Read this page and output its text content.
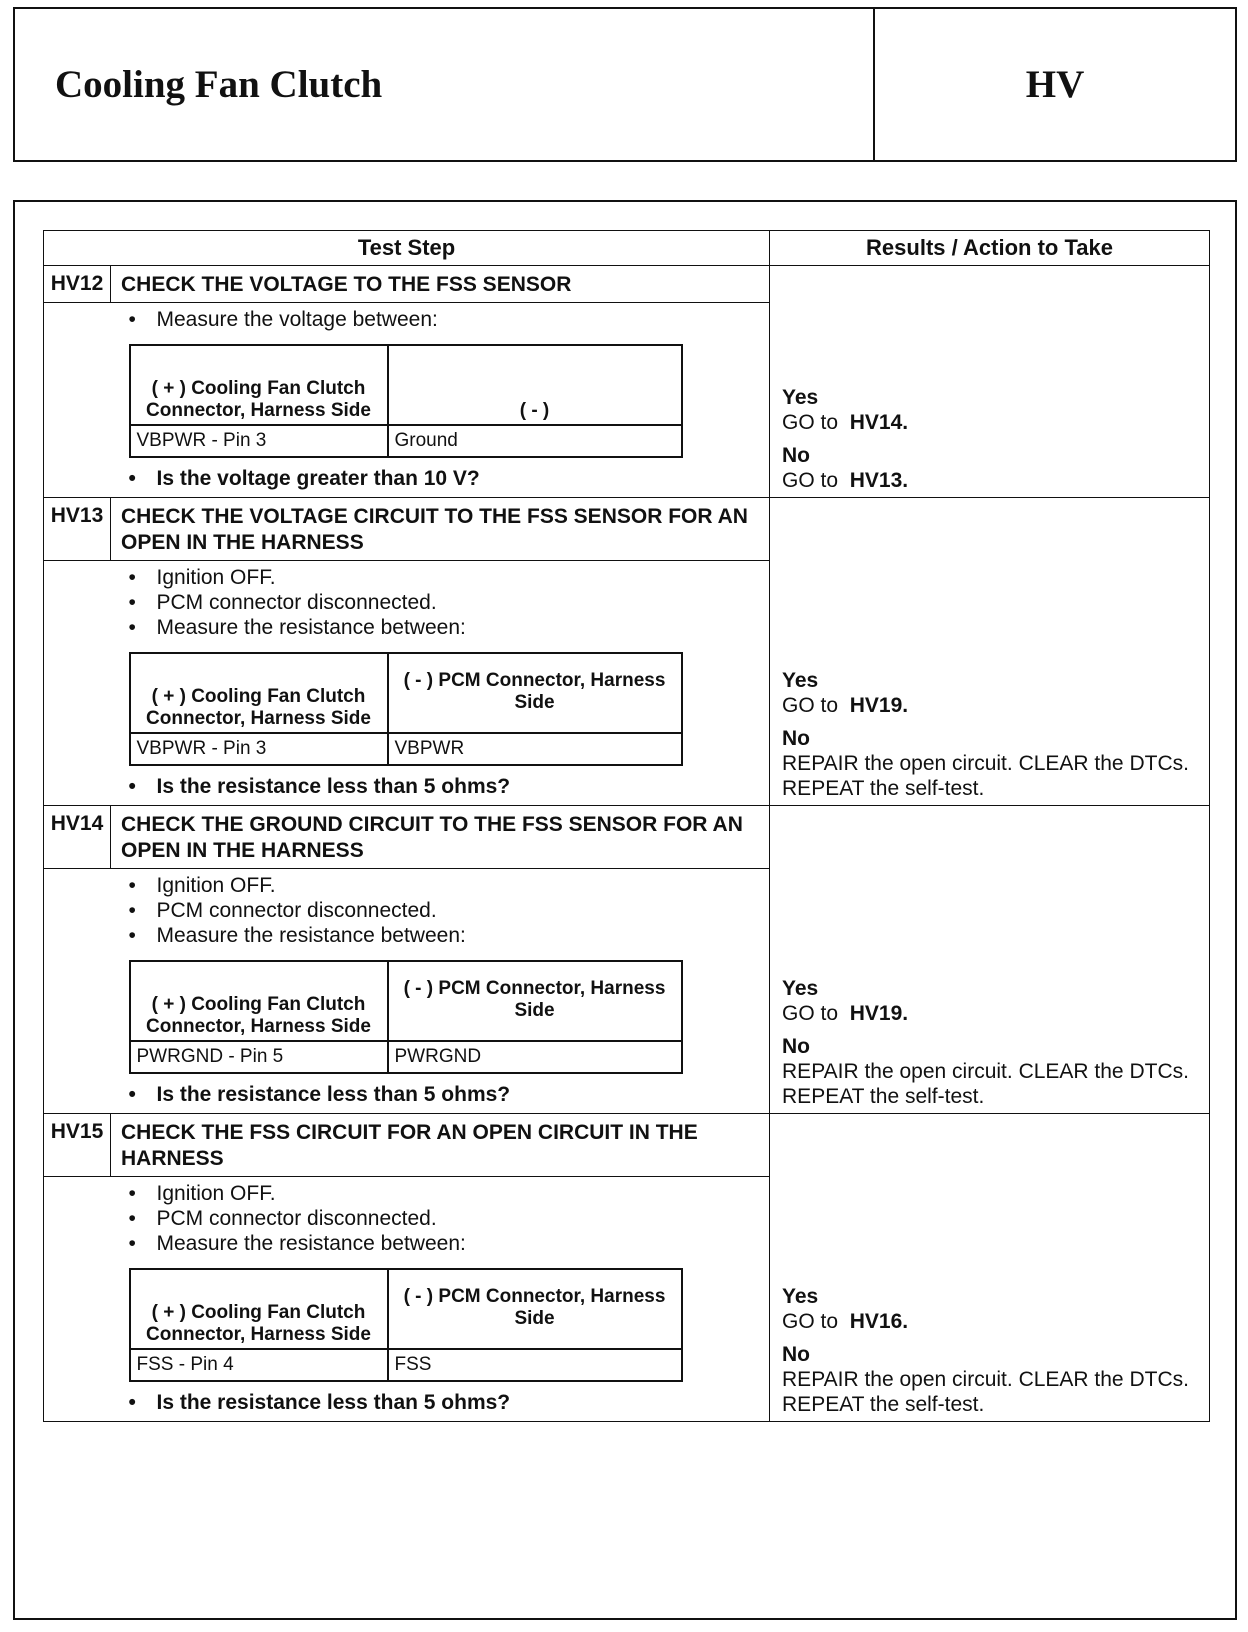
Cooling Fan Clutch	HV
Test Step	Results / Action to Take
HV12	CHECK THE VOLTAGE TO THE FSS SENSOR	
Yes
GO to HV14.
No
GO to HV13.

• Measure the voltage between:
( + ) Cooling Fan Clutch Connector, Harness Side	( - )
VBPWR - Pin 3	Ground
• Is the voltage greater than 10 V?

HV13	CHECK THE VOLTAGE CIRCUIT TO THE FSS SENSOR FOR AN OPEN IN THE HARNESS	
Yes
GO to HV19.
No
REPAIR the open circuit. CLEAR the DTCs. REPEAT the self-test.

• Ignition OFF.
• PCM connector disconnected.
• Measure the resistance between:
( + ) Cooling Fan Clutch Connector, Harness Side	( - ) PCM Connector, Harness Side
VBPWR - Pin 3	VBPWR
• Is the resistance less than 5 ohms?

HV14	CHECK THE GROUND CIRCUIT TO THE FSS SENSOR FOR AN OPEN IN THE HARNESS	
Yes
GO to HV19.
No
REPAIR the open circuit. CLEAR the DTCs. REPEAT the self-test.

• Ignition OFF.
• PCM connector disconnected.
• Measure the resistance between:
( + ) Cooling Fan Clutch Connector, Harness Side	( - ) PCM Connector, Harness Side
PWRGND - Pin 5	PWRGND
• Is the resistance less than 5 ohms?

HV15	CHECK THE FSS CIRCUIT FOR AN OPEN CIRCUIT IN THE HARNESS	
Yes
GO to HV16.
No
REPAIR the open circuit. CLEAR the DTCs. REPEAT the self-test.

• Ignition OFF.
• PCM connector disconnected.
• Measure the resistance between:
( + ) Cooling Fan Clutch Connector, Harness Side	( - ) PCM Connector, Harness Side
FSS - Pin 4	FSS
• Is the resistance less than 5 ohms?
